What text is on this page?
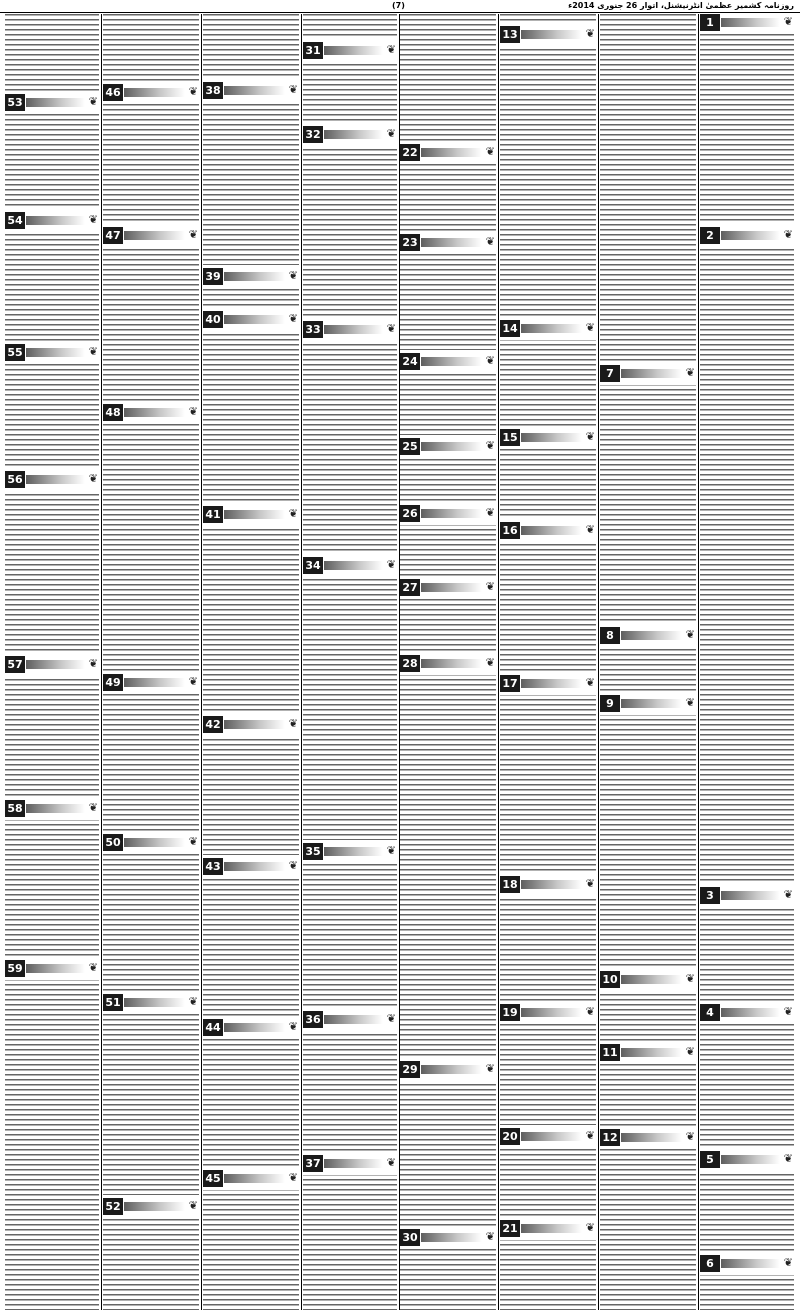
روزنامہ کشمیر عظمیٰ انٹرنیشنل، اتوار 26 جنوری 2014ء
(7)
1	❦
2	❦
3	❦
4	❦
5	❦
6	❦
7	❦
8	❦
9	❦
10	❦
11	❦
12	❦
13	❦
14	❦
15	❦
16	❦
17	❦
18	❦
19	❦
20	❦
21	❦
22	❦
23	❦
24	❦
25	❦
26	❦
27	❦
28	❦
29	❦
30	❦
31	❦
32	❦
33	❦
34	❦
35	❦
36	❦
37	❦
38	❦
39	❦
40	❦
41	❦
42	❦
43	❦
44	❦
45	❦
46	❦
47	❦
48	❦
49	❦
50	❦
51	❦
52	❦
53	❦
54	❦
55	❦
56	❦
57	❦
58	❦
59	❦
